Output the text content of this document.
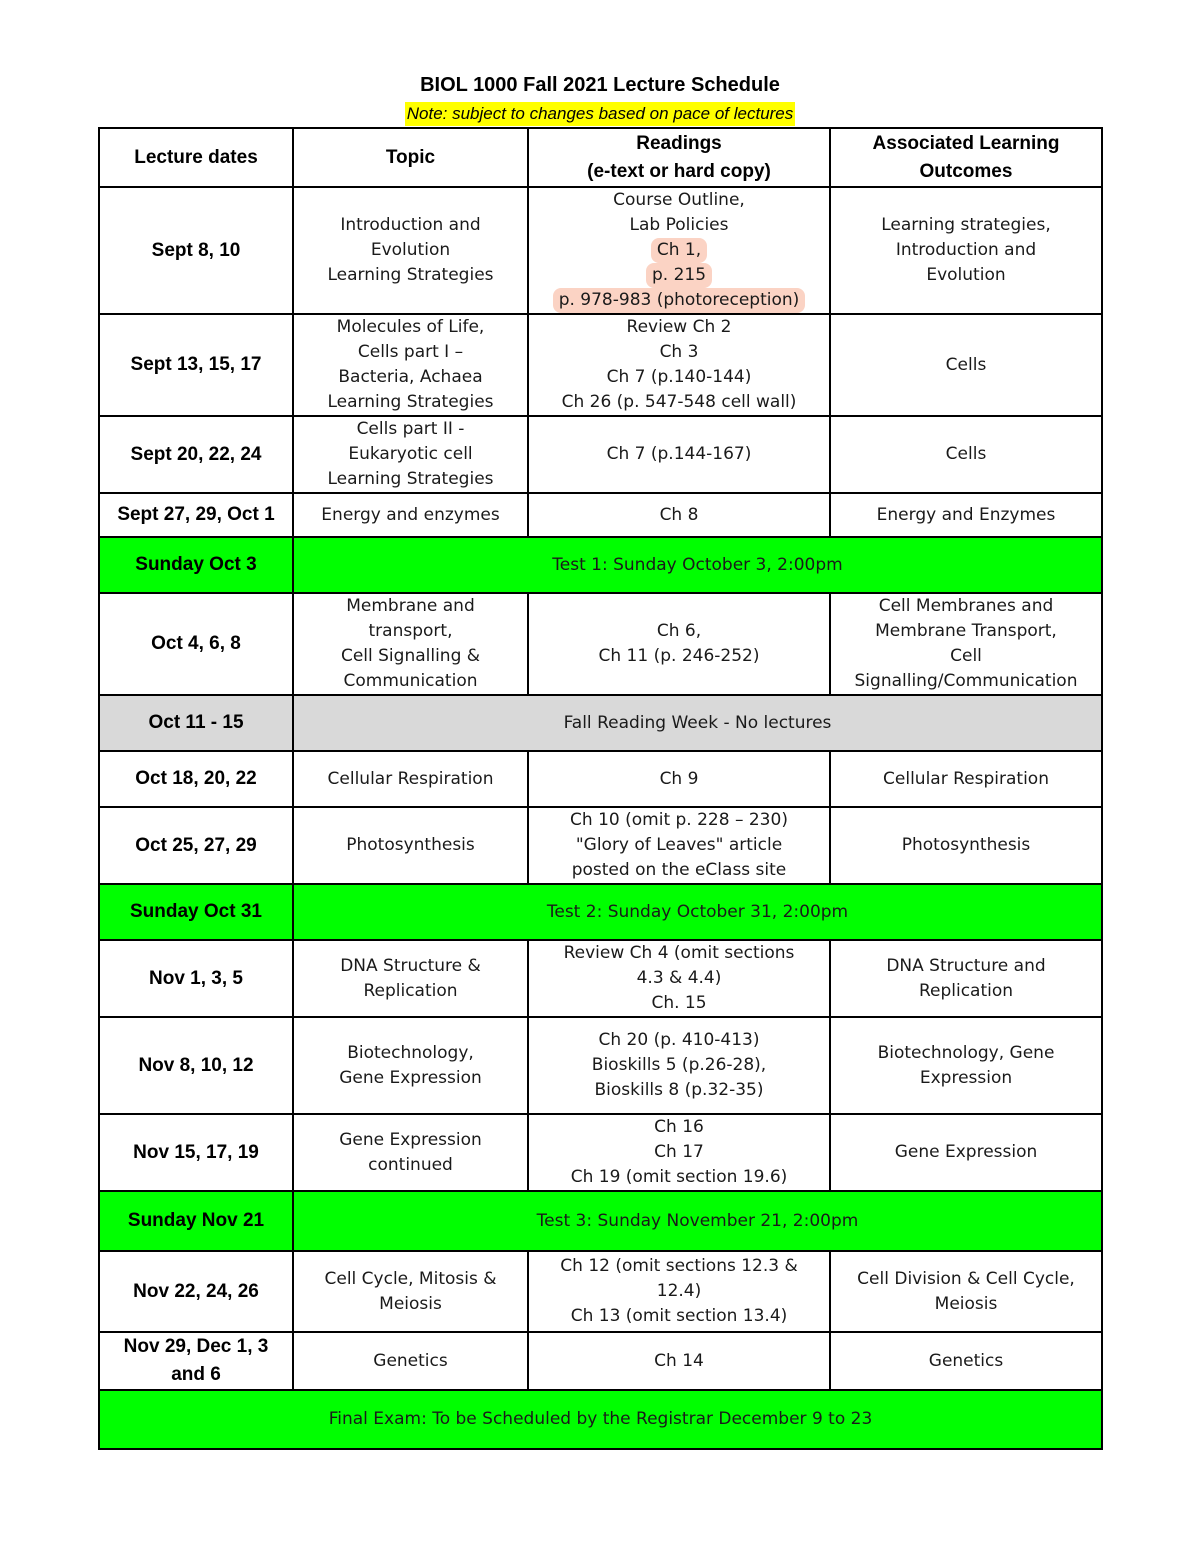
BIOL 1000 Fall 2021 Lecture Schedule
Note: subject to changes based on pace of lectures
Lecture dates	Topic	Readings
(e-text or hard copy)	Associated Learning
Outcomes

Sept 8, 10	Introduction and
Evolution
Learning Strategies	Course Outline,
Lab Policies
Ch 1,
p. 215
p. 978-983 (photoreception)	Learning strategies,
Introduction and
Evolution

Sept 13, 15, 17	Molecules of Life,
Cells part I –
Bacteria, Achaea
Learning Strategies	Review Ch 2
Ch 3
Ch 7 (p.140-144)
Ch 26 (p. 547-548 cell wall)	Cells

Sept 20, 22, 24	Cells part II -
Eukaryotic cell
Learning Strategies	Ch 7 (p.144-167)	Cells

Sept 27, 29, Oct 1	Energy and enzymes	Ch 8	Energy and Enzymes

Sunday Oct 3	Test 1: Sunday October 3, 2:00pm		

Oct 4, 6, 8	Membrane and
transport,
Cell Signalling &
Communication	Ch 6,
Ch 11 (p. 246-252)	Cell Membranes and
Membrane Transport,
Cell
Signalling/Communication

Oct 11 - 15	Fall Reading Week - No lectures		

Oct 18, 20, 22	Cellular Respiration	Ch 9	Cellular Respiration

Oct 25, 27, 29	Photosynthesis	Ch 10 (omit p. 228 – 230)
"Glory of Leaves" article
posted on the eClass site	Photosynthesis

Sunday Oct 31	Test 2: Sunday October 31, 2:00pm		

Nov 1, 3, 5	DNA Structure &
Replication	Review Ch 4 (omit sections
4.3 & 4.4)
Ch. 15	DNA Structure and
Replication

Nov 8, 10, 12	Biotechnology,
Gene Expression	Ch 20 (p. 410-413)
Bioskills 5 (p.26-28),
Bioskills 8 (p.32-35)	Biotechnology, Gene
Expression

Nov 15, 17, 19	Gene Expression
continued	Ch 16
Ch 17
Ch 19 (omit section 19.6)	Gene Expression

Sunday Nov 21	Test 3: Sunday November 21, 2:00pm		

Nov 22, 24, 26	Cell Cycle, Mitosis &
Meiosis	Ch 12 (omit sections 12.3 &
12.4)
Ch 13 (omit section 13.4)	Cell Division & Cell Cycle,
Meiosis

Nov 29, Dec 1, 3
and 6	Genetics	Ch 14	Genetics

Final Exam: To be Scheduled by the Registrar December 9 to 23			
